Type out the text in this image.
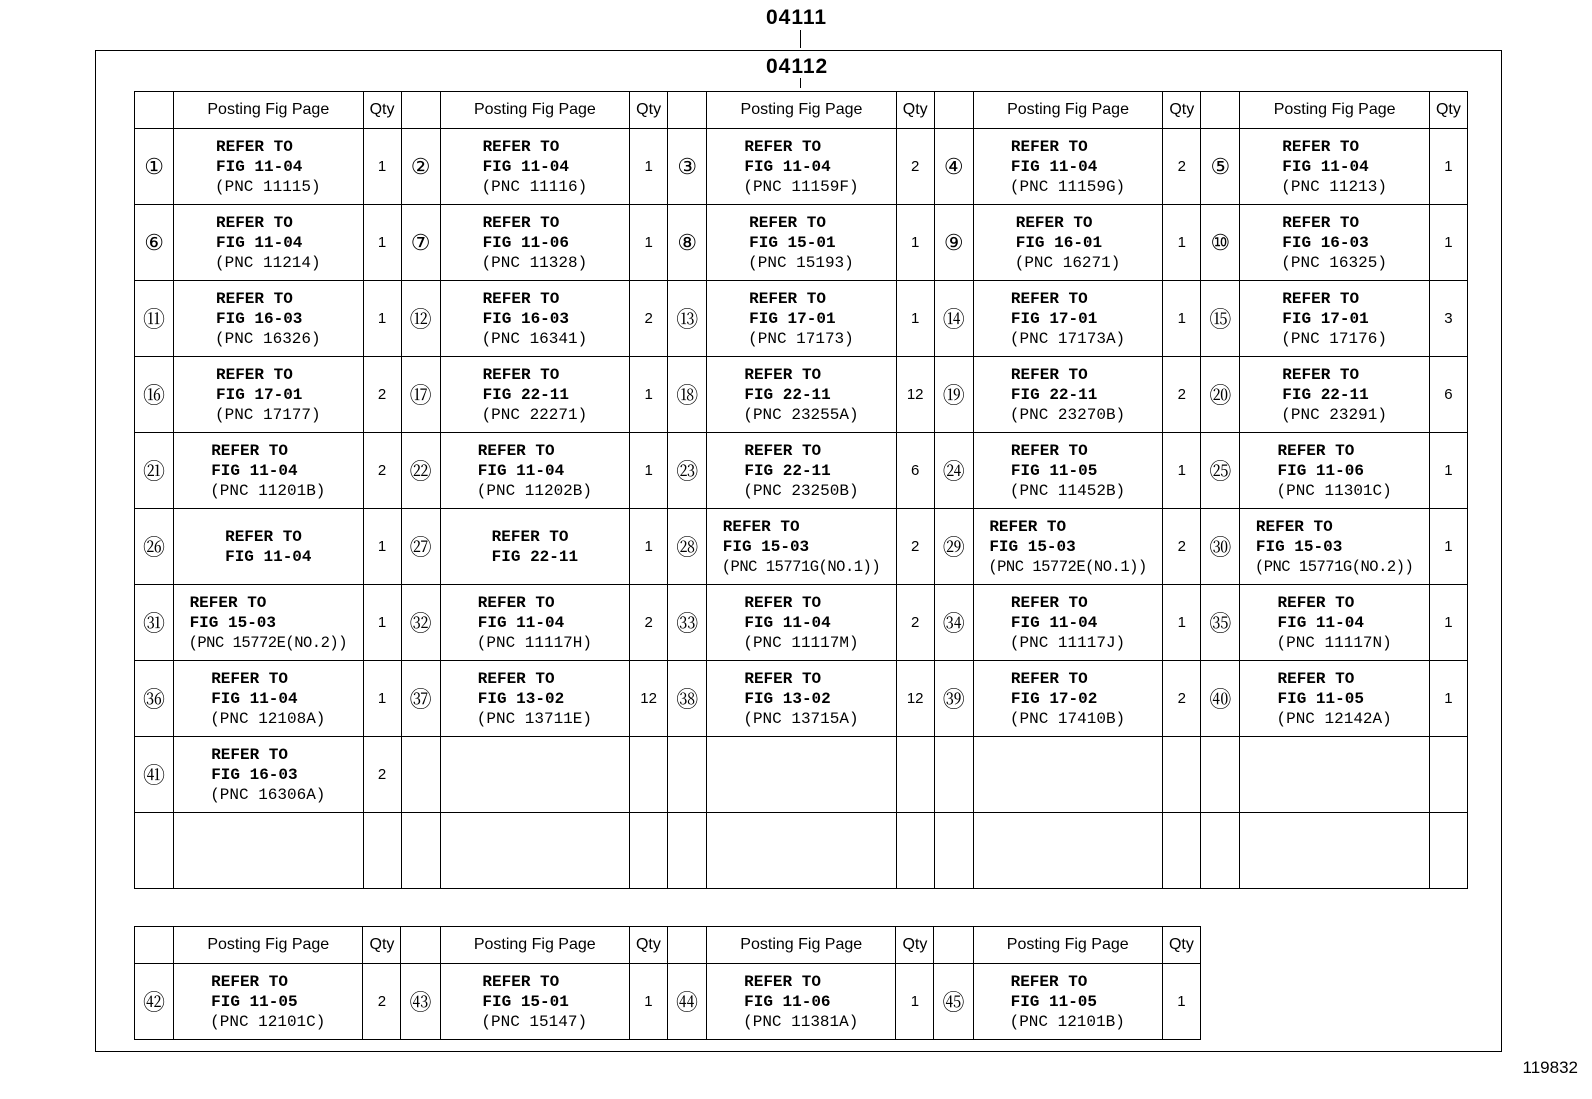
04111
04112
	Posting Fig Page	Qty		Posting Fig Page	Qty		Posting Fig Page	Qty		Posting Fig Page	Qty		Posting Fig Page	Qty
①	REFER TO
FIG 11-04
(PNC 11115)	1	②	REFER TO
FIG 11-04
(PNC 11116)	1	③	REFER TO
FIG 11-04
(PNC 11159F)	2	④	REFER TO
FIG 11-04
(PNC 11159G)	2	⑤	REFER TO
FIG 11-04
(PNC 11213)	1
⑥	REFER TO
FIG 11-04
(PNC 11214)	1	⑦	REFER TO
FIG 11-06
(PNC 11328)	1	⑧	REFER TO
FIG 15-01
(PNC 15193)	1	⑨	REFER TO
FIG 16-01
(PNC 16271)	1	⑩	REFER TO
FIG 16-03
(PNC 16325)	1
⑪	REFER TO
FIG 16-03
(PNC 16326)	1	⑫	REFER TO
FIG 16-03
(PNC 16341)	2	⑬	REFER TO
FIG 17-01
(PNC 17173)	1	⑭	REFER TO
FIG 17-01
(PNC 17173A)	1	⑮	REFER TO
FIG 17-01
(PNC 17176)	3
⑯	REFER TO
FIG 17-01
(PNC 17177)	2	⑰	REFER TO
FIG 22-11
(PNC 22271)	1	⑱	REFER TO
FIG 22-11
(PNC 23255A)	12	⑲	REFER TO
FIG 22-11
(PNC 23270B)	2	⑳	REFER TO
FIG 22-11
(PNC 23291)	6
㉑	REFER TO
FIG 11-04
(PNC 11201B)	2	㉒	REFER TO
FIG 11-04
(PNC 11202B)	1	㉓	REFER TO
FIG 22-11
(PNC 23250B)	6	㉔	REFER TO
FIG 11-05
(PNC 11452B)	1	㉕	REFER TO
FIG 11-06
(PNC 11301C)	1
㉖	REFER TO
FIG 11-04	1	㉗	REFER TO
FIG 22-11	1	㉘	REFER TO
FIG 15-03
(PNC 15771G(NO.1))	2	㉙	REFER TO
FIG 15-03
(PNC 15772E(NO.1))	2	㉚	REFER TO
FIG 15-03
(PNC 15771G(NO.2))	1
㉛	REFER TO
FIG 15-03
(PNC 15772E(NO.2))	1	㉜	REFER TO
FIG 11-04
(PNC 11117H)	2	㉝	REFER TO
FIG 11-04
(PNC 11117M)	2	㉞	REFER TO
FIG 11-04
(PNC 11117J)	1	㉟	REFER TO
FIG 11-04
(PNC 11117N)	1
㊱	REFER TO
FIG 11-04
(PNC 12108A)	1	㊲	REFER TO
FIG 13-02
(PNC 13711E)	12	㊳	REFER TO
FIG 13-02
(PNC 13715A)	12	㊴	REFER TO
FIG 17-02
(PNC 17410B)	2	㊵	REFER TO
FIG 11-05
(PNC 12142A)	1
㊶	REFER TO
FIG 16-03
(PNC 16306A)	2												

	Posting Fig Page	Qty		Posting Fig Page	Qty		Posting Fig Page	Qty		Posting Fig Page	Qty
㊷	REFER TO
FIG 11-05
(PNC 12101C)	2	㊸	REFER TO
FIG 15-01
(PNC 15147)	1	㊹	REFER TO
FIG 11-06
(PNC 11381A)	1	㊺	REFER TO
FIG 11-05
(PNC 12101B)	1
119832
